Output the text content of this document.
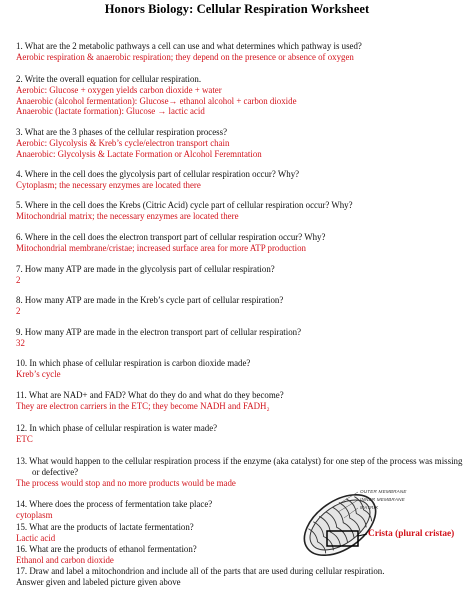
Honors Biology: Cellular Respiration Worksheet
1. What are the 2 metabolic pathways a cell can use and what determines which pathway is used?
Aerobic respiration & anaerobic respiration; they depend on the presence or absence of oxygen
2. Write the overall equation for cellular respiration.
Aerobic: Glucose + oxygen yields carbon dioxide + water
Anaerobic (alcohol fermentation): Glucose→ ethanol alcohol + carbon dioxide
Anaerobic (lactate formation): Glucose → lactic acid
3. What are the 3 phases of the cellular respiration process?
Aerobic: Glycolysis & Kreb’s cycle/electron transport chain
Anaerobic: Glycolysis & Lactate Formation or Alcohol Feremntation
4. Where in the cell does the glycolysis part of cellular respiration occur? Why?
Cytoplasm; the necessary enzymes are located there
5. Where in the cell does the Krebs (Citric Acid) cycle part of cellular respiration occur? Why?
Mitochondrial matrix; the necessary enzymes are located there
6. Where in the cell does the electron transport part of cellular respiration occur? Why?
Mitochondrial membrane/cristae; increased surface area for more ATP production
7. How many ATP are made in the glycolysis part of cellular respiration?
2
8. How many ATP are made in the Kreb’s cycle part of cellular respiration?
2
9. How many ATP are made in the electron transport part of cellular respiration?
32
10. In which phase of cellular respiration is carbon dioxide made?
Kreb’s cycle
11. What are NAD+ and FAD? What do they do and what do they become?
They are electron carriers in the ETC; they become NADH and FADH₂
12. In which phase of cellular respiration is water made?
ETC
13. What would happen to the cellular respiration process if the enzyme (aka catalyst) for one step of the process was missing or defective?
The process would stop and no more products would be made
14. Where does the process of fermentation take place?
cytoplasm
15. What are the products of lactate fermentation?
Lactic acid
16. What are the products of ethanol fermentation?
Ethanol and carbon dioxide
17. Draw and label a mitochondrion and include all of the parts that are used during cellular respiration.
Answer given and labeled picture given above
OUTER MEMBRANE
INNER MEMBRANE
MATRIX
Crista (plural cristae)
